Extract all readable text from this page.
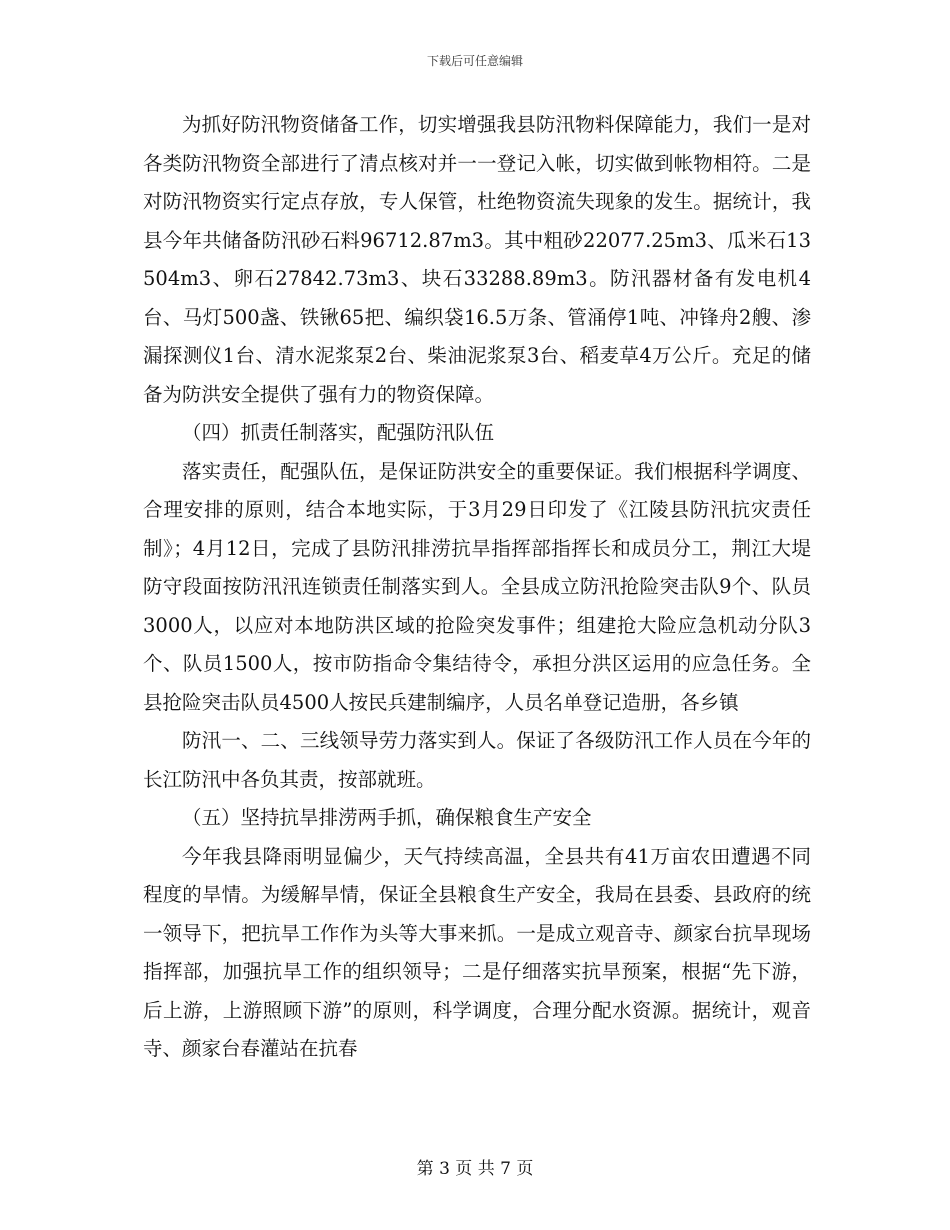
下载后可任意编辑

为抓好防汛物资储备工作，切实增强我县防汛物料保障能力，我们一是对各类防汛物资全部进行了清点核对并一一登记入帐，切实做到帐物相符。二是对防汛物资实行定点存放，专人保管，杜绝物资流失现象的发生。据统计，我县今年共储备防汛砂石料96712.87m3。其中粗砂22077.25m3、瓜米石13504m3、卵石27842.73m3、块石33288.89m3。防汛器材备有发电机4台、马灯500盏、铁锹65把、编织袋16.5万条、管涌停1吨、冲锋舟2艘、渗漏探测仪1台、清水泥浆泵2台、柴油泥浆泵3台、稻麦草4万公斤。充足的储备为防洪安全提供了强有力的物资保障。

（四）抓责任制落实，配强防汛队伍

落实责任，配强队伍，是保证防洪安全的重要保证。我们根据科学调度、合理安排的原则，结合本地实际，于3月29日印发了《江陵县防汛抗灾责任制》；4月12日，完成了县防汛排涝抗旱指挥部指挥长和成员分工，荆江大堤防守段面按防汛汛连锁责任制落实到人。全县成立防汛抢险突击队9个、队员3000人，以应对本地防洪区域的抢险突发事件；组建抢大险应急机动分队3个、队员1500人，按市防指命令集结待令，承担分洪区运用的应急任务。全县抢险突击队员4500人按民兵建制编序，人员名单登记造册，各乡镇

防汛一、二、三线领导劳力落实到人。保证了各级防汛工作人员在今年的长江防汛中各负其责，按部就班。

（五）坚持抗旱排涝两手抓，确保粮食生产安全

今年我县降雨明显偏少，天气持续高温，全县共有41万亩农田遭遇不同程度的旱情。为缓解旱情，保证全县粮食生产安全，我局在县委、县政府的统一领导下，把抗旱工作作为头等大事来抓。一是成立观音寺、颜家台抗旱现场指挥部，加强抗旱工作的组织领导；二是仔细落实抗旱预案，根据“先下游，后上游，上游照顾下游”的原则，科学调度，合理分配水资源。据统计，观音寺、颜家台春灌站在抗春

第 3 页 共 7 页
